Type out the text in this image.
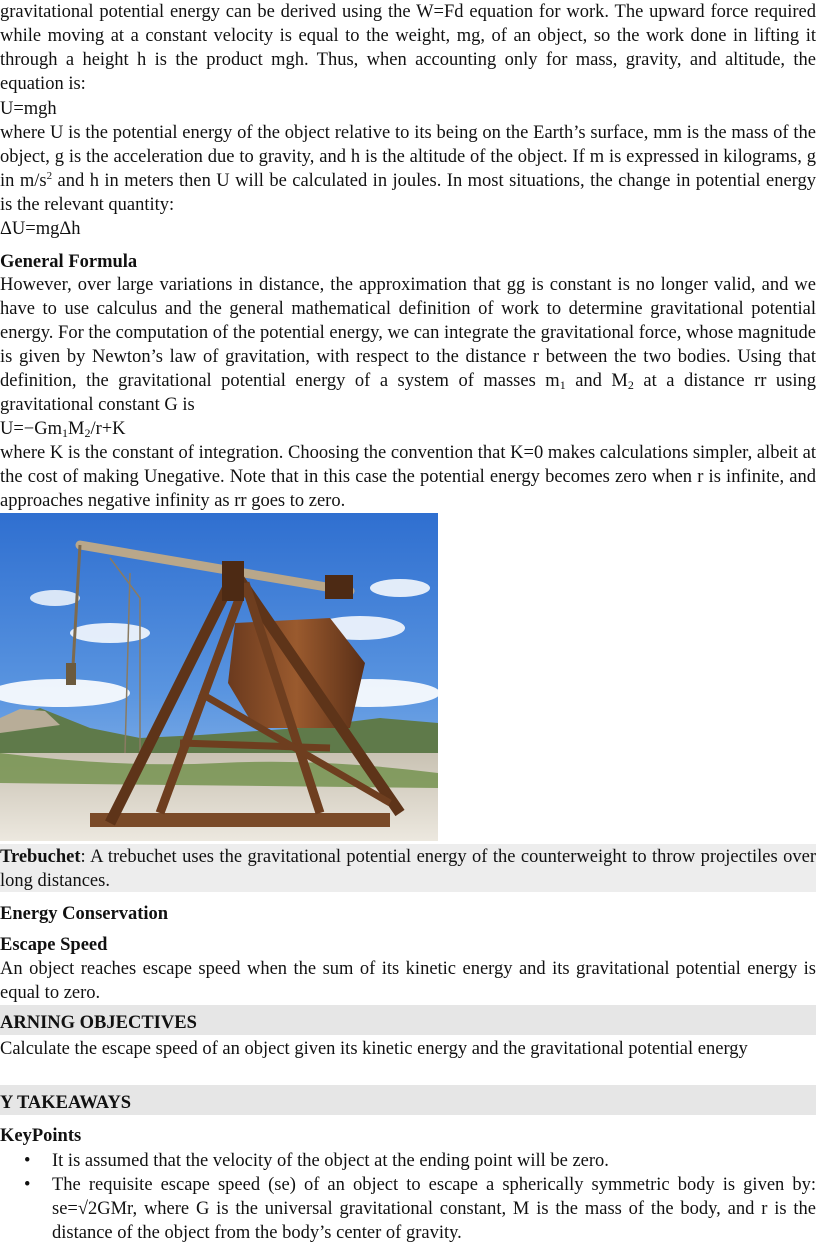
gravitational potential energy can be derived using the W=Fd equation for work. The upward force required while moving at a constant velocity is equal to the weight, mg, of an object, so the work done in lifting it through a height h is the product mgh. Thus, when accounting only for mass, gravity, and altitude, the equation is:

U=mgh

where U is the potential energy of the object relative to its being on the Earth’s surface, mm is the mass of the object, g is the acceleration due to gravity, and h is the altitude of the object. If m is expressed in kilograms, g in $m/s^2$ and h in meters then U will be calculated in joules. In most situations, the change in potential energy is the relevant quantity:

ΔU=mgΔh

General Formula

However, over large variations in distance, the approximation that gg is constant is no longer valid, and we have to use calculus and the general mathematical definition of work to determine gravitational potential energy. For the computation of the potential energy, we can integrate the gravitational force, whose magnitude is given by Newton’s law of gravitation, with respect to the distance r between the two bodies. Using that definition, the gravitational potential energy of a system of masses $m_1$ and $M_2$ at a distance rr using gravitational constant G is

$U=-Gm_1M_2/r+K$

where K is the constant of integration. Choosing the convention that K=0 makes calculations simpler, albeit at the cost of making Unegative. Note that in this case the potential energy becomes zero when r is infinite, and approaches negative infinity as rr goes to zero.

Trebuchet: A trebuchet uses the gravitational potential energy of the counterweight to throw projectiles over long distances.

Energy Conservation

Escape Speed

An object reaches escape speed when the sum of its kinetic energy and its gravitational potential energy is equal to zero.

ARNING OBJECTIVES

Calculate the escape speed of an object given its kinetic energy and the gravitational potential energy

Y TAKEAWAYS

KeyPoints

• It is assumed that the velocity of the object at the ending point will be zero.
• The requisite escape speed (se) of an object to escape a spherically symmetric body is given by: se=√2GMr, where G is the universal gravitational constant, M is the mass of the body, and r is the distance of the object from the body’s center of gravity.
